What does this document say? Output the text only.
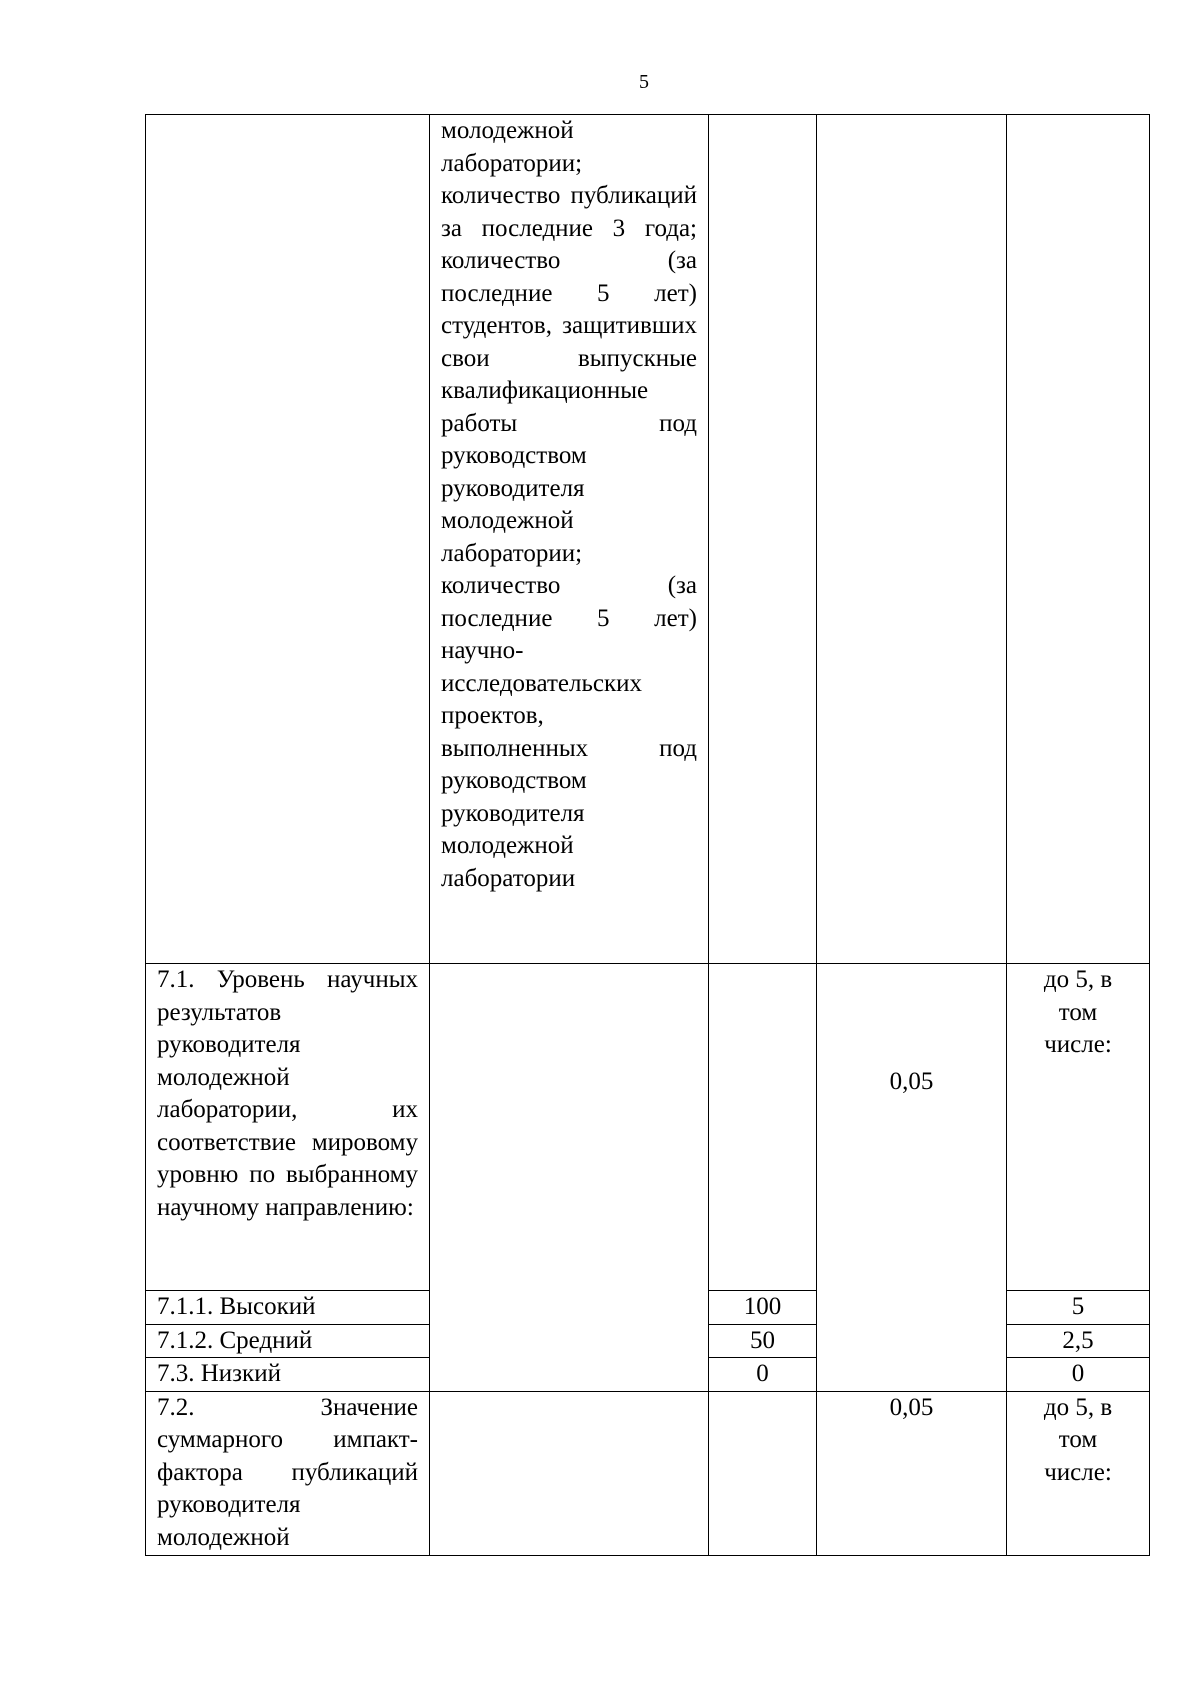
5
	молодежной лаборатории; количество публикаций за последние 3 года; количество (за последние 5 лет) студентов, защитивших свои выпускные квалификационные работы под руководством руководителя молодежной лаборатории; количество (за последние 5 лет) научно-исследовательских проектов, выполненных под руководством руководителя молодежной лаборатории			
7.1. Уровень научных результатов руководителя молодежной лаборатории, их соответствие мировому уровню по выбранному научному направлению:			0,05	до 5, в том числе:
7.1.1. Высокий		100		5
7.1.2. Средний		50		2,5
7.3. Низкий		0		0
7.2. Значение суммарного импакт-фактора публикаций руководителя молодежной			0,05	до 5, в том числе:
